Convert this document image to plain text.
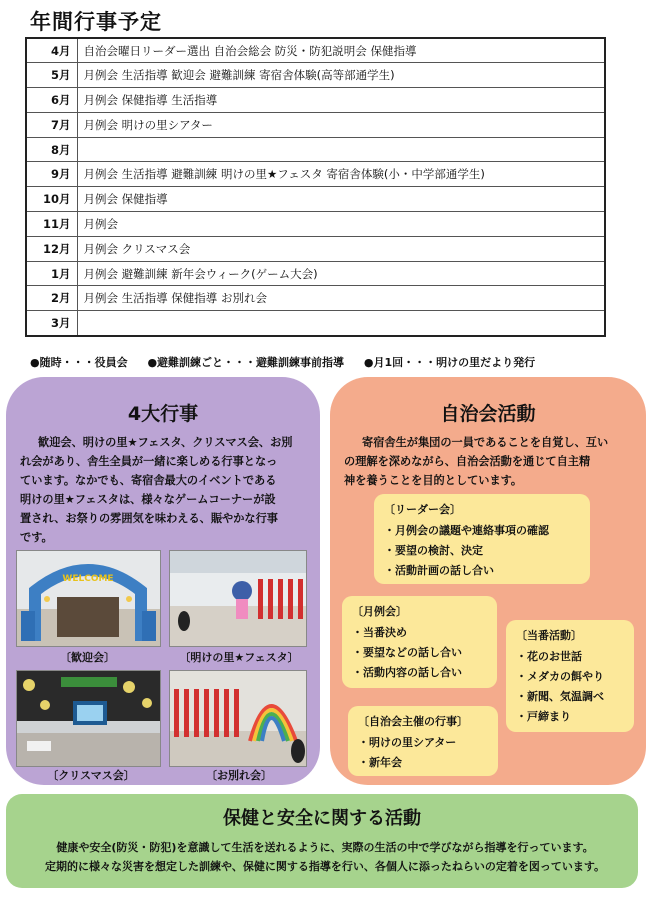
年間行事予定
4月	自治会曜日リーダー選出 自治会総会 防災・防犯説明会 保健指導
5月	月例会 生活指導 歓迎会 避難訓練 寄宿舎体験(高等部通学生)
6月	月例会 保健指導 生活指導
7月	月例会 明けの里シアター
8月	
9月	月例会 生活指導 避難訓練 明けの里★フェスタ 寄宿舎体験(小・中学部通学生)
10月	月例会 保健指導
11月	月例会
12月	月例会 クリスマス会
1月	月例会 避難訓練 新年会ウィーク(ゲーム大会)
2月	月例会 生活指導 保健指導 お別れ会
3月	
●随時・・・役員会 ●避難訓練ごと・・・避難訓練事前指導 ●月1回・・・明けの里だより発行
4大行事
歓迎会、明けの里★フェスタ、クリスマス会、お別
れ会があり、舎生全員が一緒に楽しめる行事となっ
ています。なかでも、寄宿舎最大のイベントである
明けの里★フェスタは、様々なゲームコーナーが設
置され、お祭りの雰囲気を味わえる、賑やかな行事
です。
WELCOME
〔歓迎会〕	〔明けの里★フェスタ〕
〔クリスマス会〕	〔お別れ会〕
自治会活動
寄宿舎生が集団の一員であることを自覚し、互い
の理解を深めながら、自治会活動を通じて自主精
神を養うことを目的としています。
〔リーダー会〕
・月例会の議題や連絡事項の確認
・要望の検討、決定
・活動計画の話し合い
〔月例会〕
・当番決め
・要望などの話し合い
・活動内容の話し合い
〔当番活動〕
・花のお世話
・メダカの餌やり
・新聞、気温調べ
・戸締まり
〔自治会主催の行事〕
・明けの里シアター
・新年会
保健と安全に関する活動
健康や安全(防災・防犯)を意識して生活を送れるように、実際の生活の中で学びながら指導を行っています。
定期的に様々な災害を想定した訓練や、保健に関する指導を行い、各個人に添ったねらいの定着を図っています。
